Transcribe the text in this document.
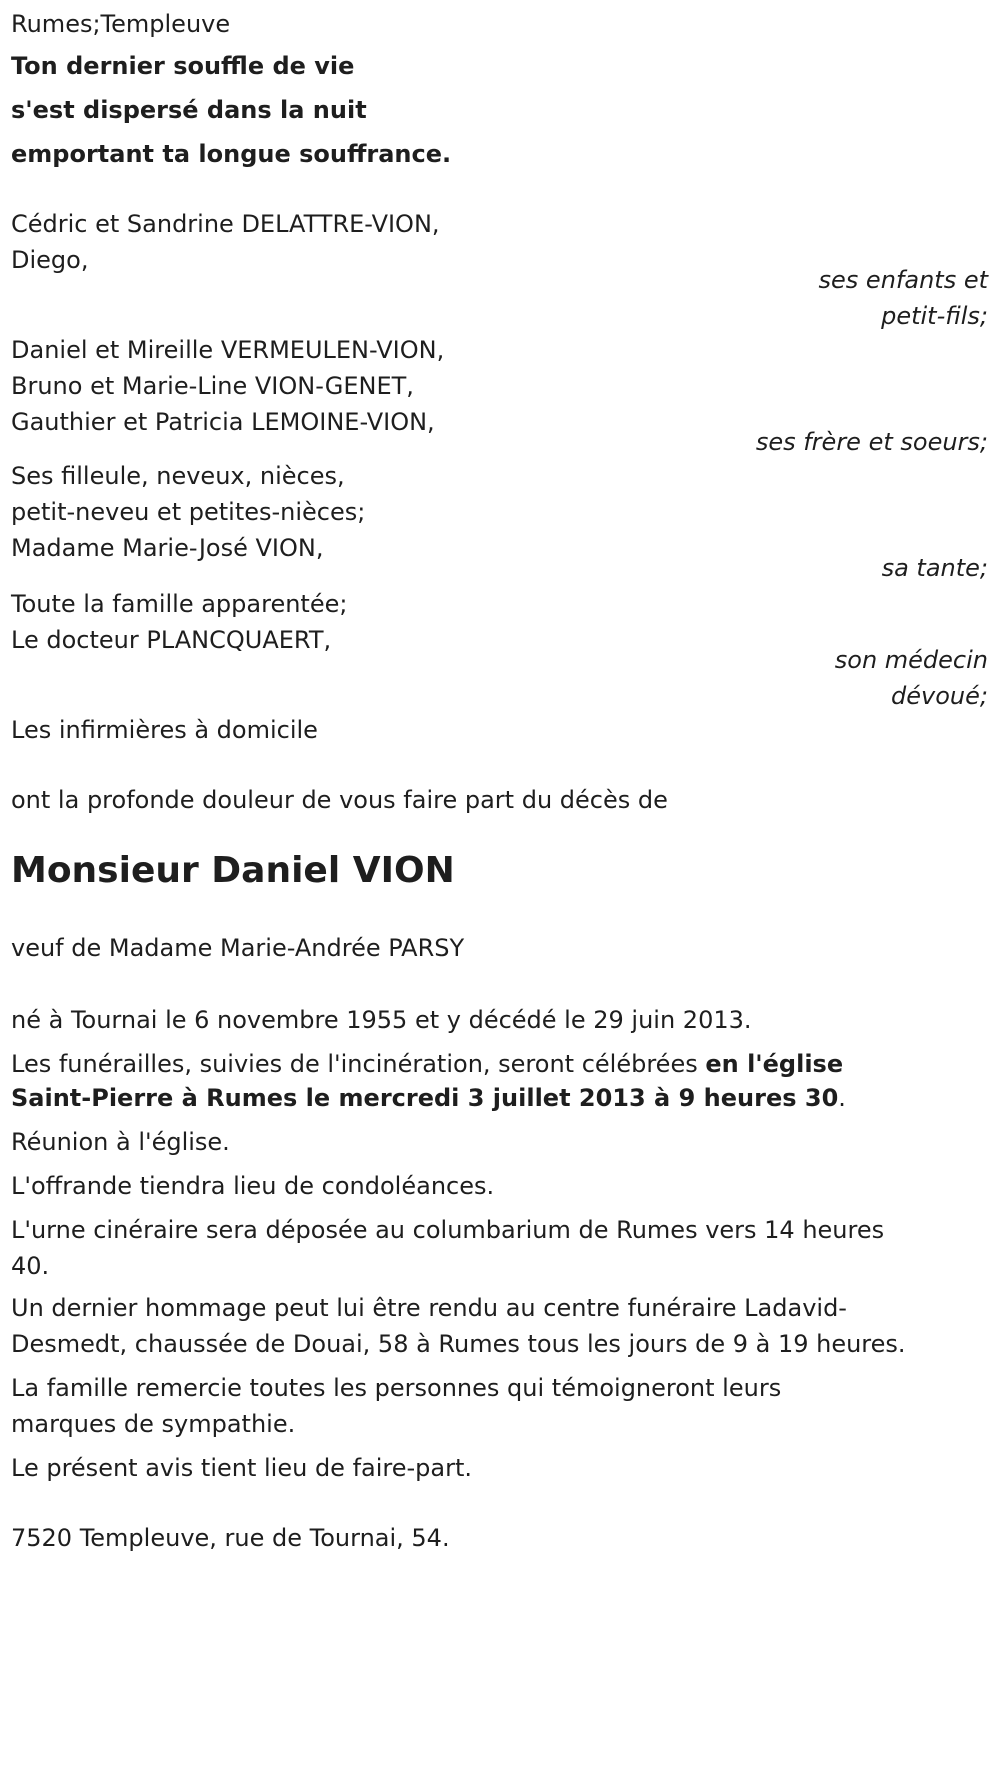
Rumes;Templeuve
Ton dernier souffle de vie
s'est dispersé dans la nuit
emportant ta longue souffrance.
Cédric et Sandrine DELATTRE-VION,
Diego,
ses enfants et
petit-fils;
Daniel et Mireille VERMEULEN-VION,
Bruno et Marie-Line VION-GENET,
Gauthier et Patricia LEMOINE-VION,
ses frère et soeurs;
Ses filleule, neveux, nièces,
petit-neveu et petites-nièces;
Madame Marie-José VION,
sa tante;
Toute la famille apparentée;
Le docteur PLANCQUAERT,
son médecin
dévoué;
Les infirmières à domicile
ont la profonde douleur de vous faire part du décès de
Monsieur Daniel VION
veuf de Madame Marie-Andrée PARSY
né à Tournai le 6 novembre 1955 et y décédé le 29 juin 2013.
Les funérailles, suivies de l'incinération, seront célébrées en l'église
Saint-Pierre à Rumes le mercredi 3 juillet 2013 à 9 heures 30.
Réunion à l'église.
L'offrande tiendra lieu de condoléances.
L'urne cinéraire sera déposée au columbarium de Rumes vers 14 heures
40.
Un dernier hommage peut lui être rendu au centre funéraire Ladavid-
Desmedt, chaussée de Douai, 58 à Rumes tous les jours de 9 à 19 heures.
La famille remercie toutes les personnes qui témoigneront leurs
marques de sympathie.
Le présent avis tient lieu de faire-part.
7520 Templeuve, rue de Tournai, 54.
